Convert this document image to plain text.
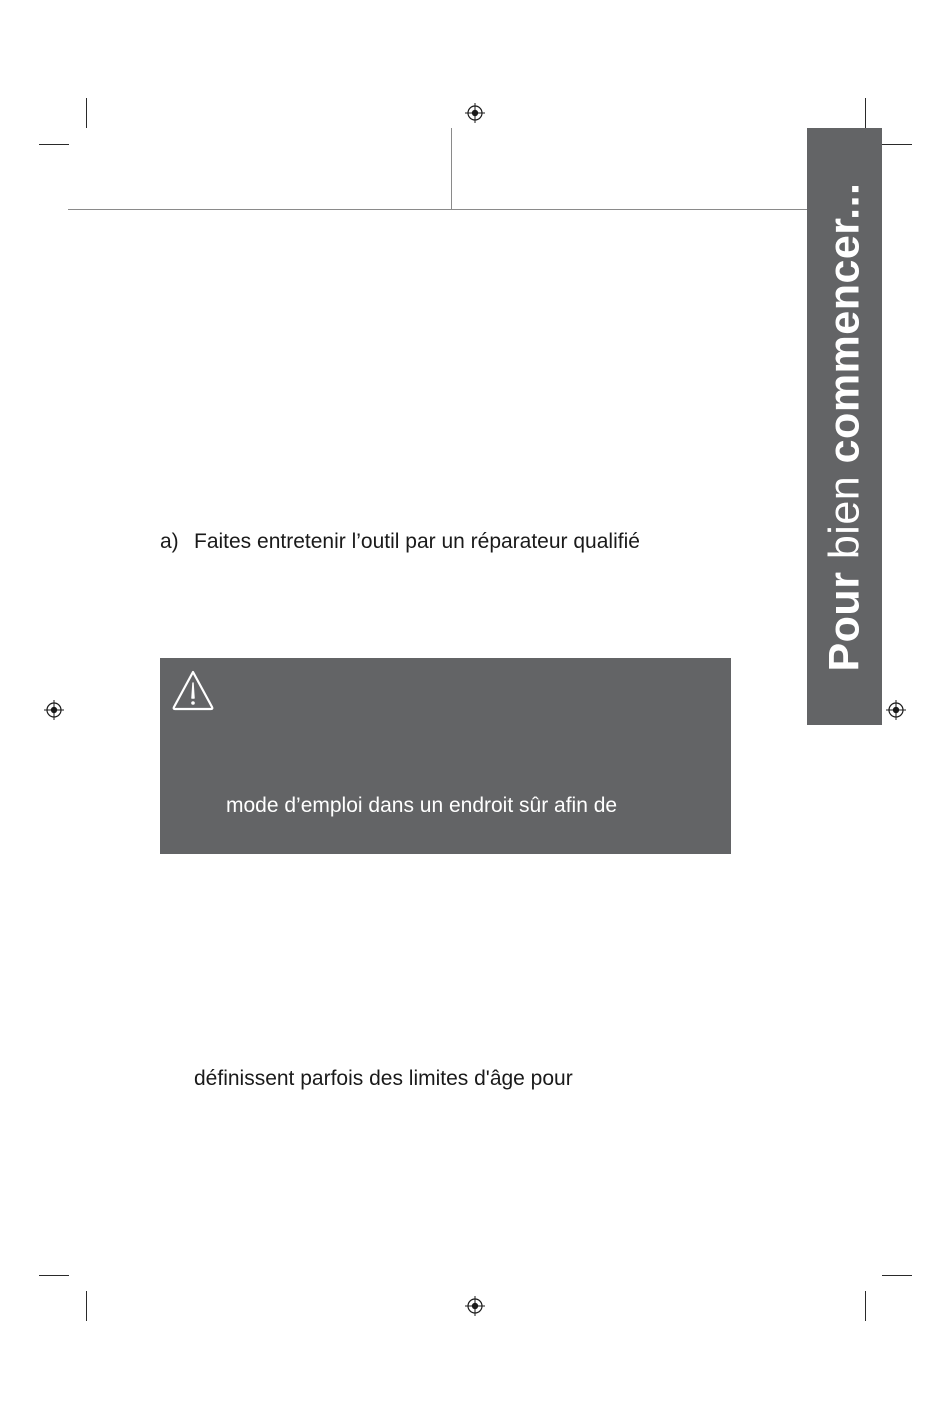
Pour bien commencer...
a) Faites entretenir l’outil par un réparateur qualifié
mode d’emploi dans un endroit sûr afin de
définissent parfois des limites d'âge pour
